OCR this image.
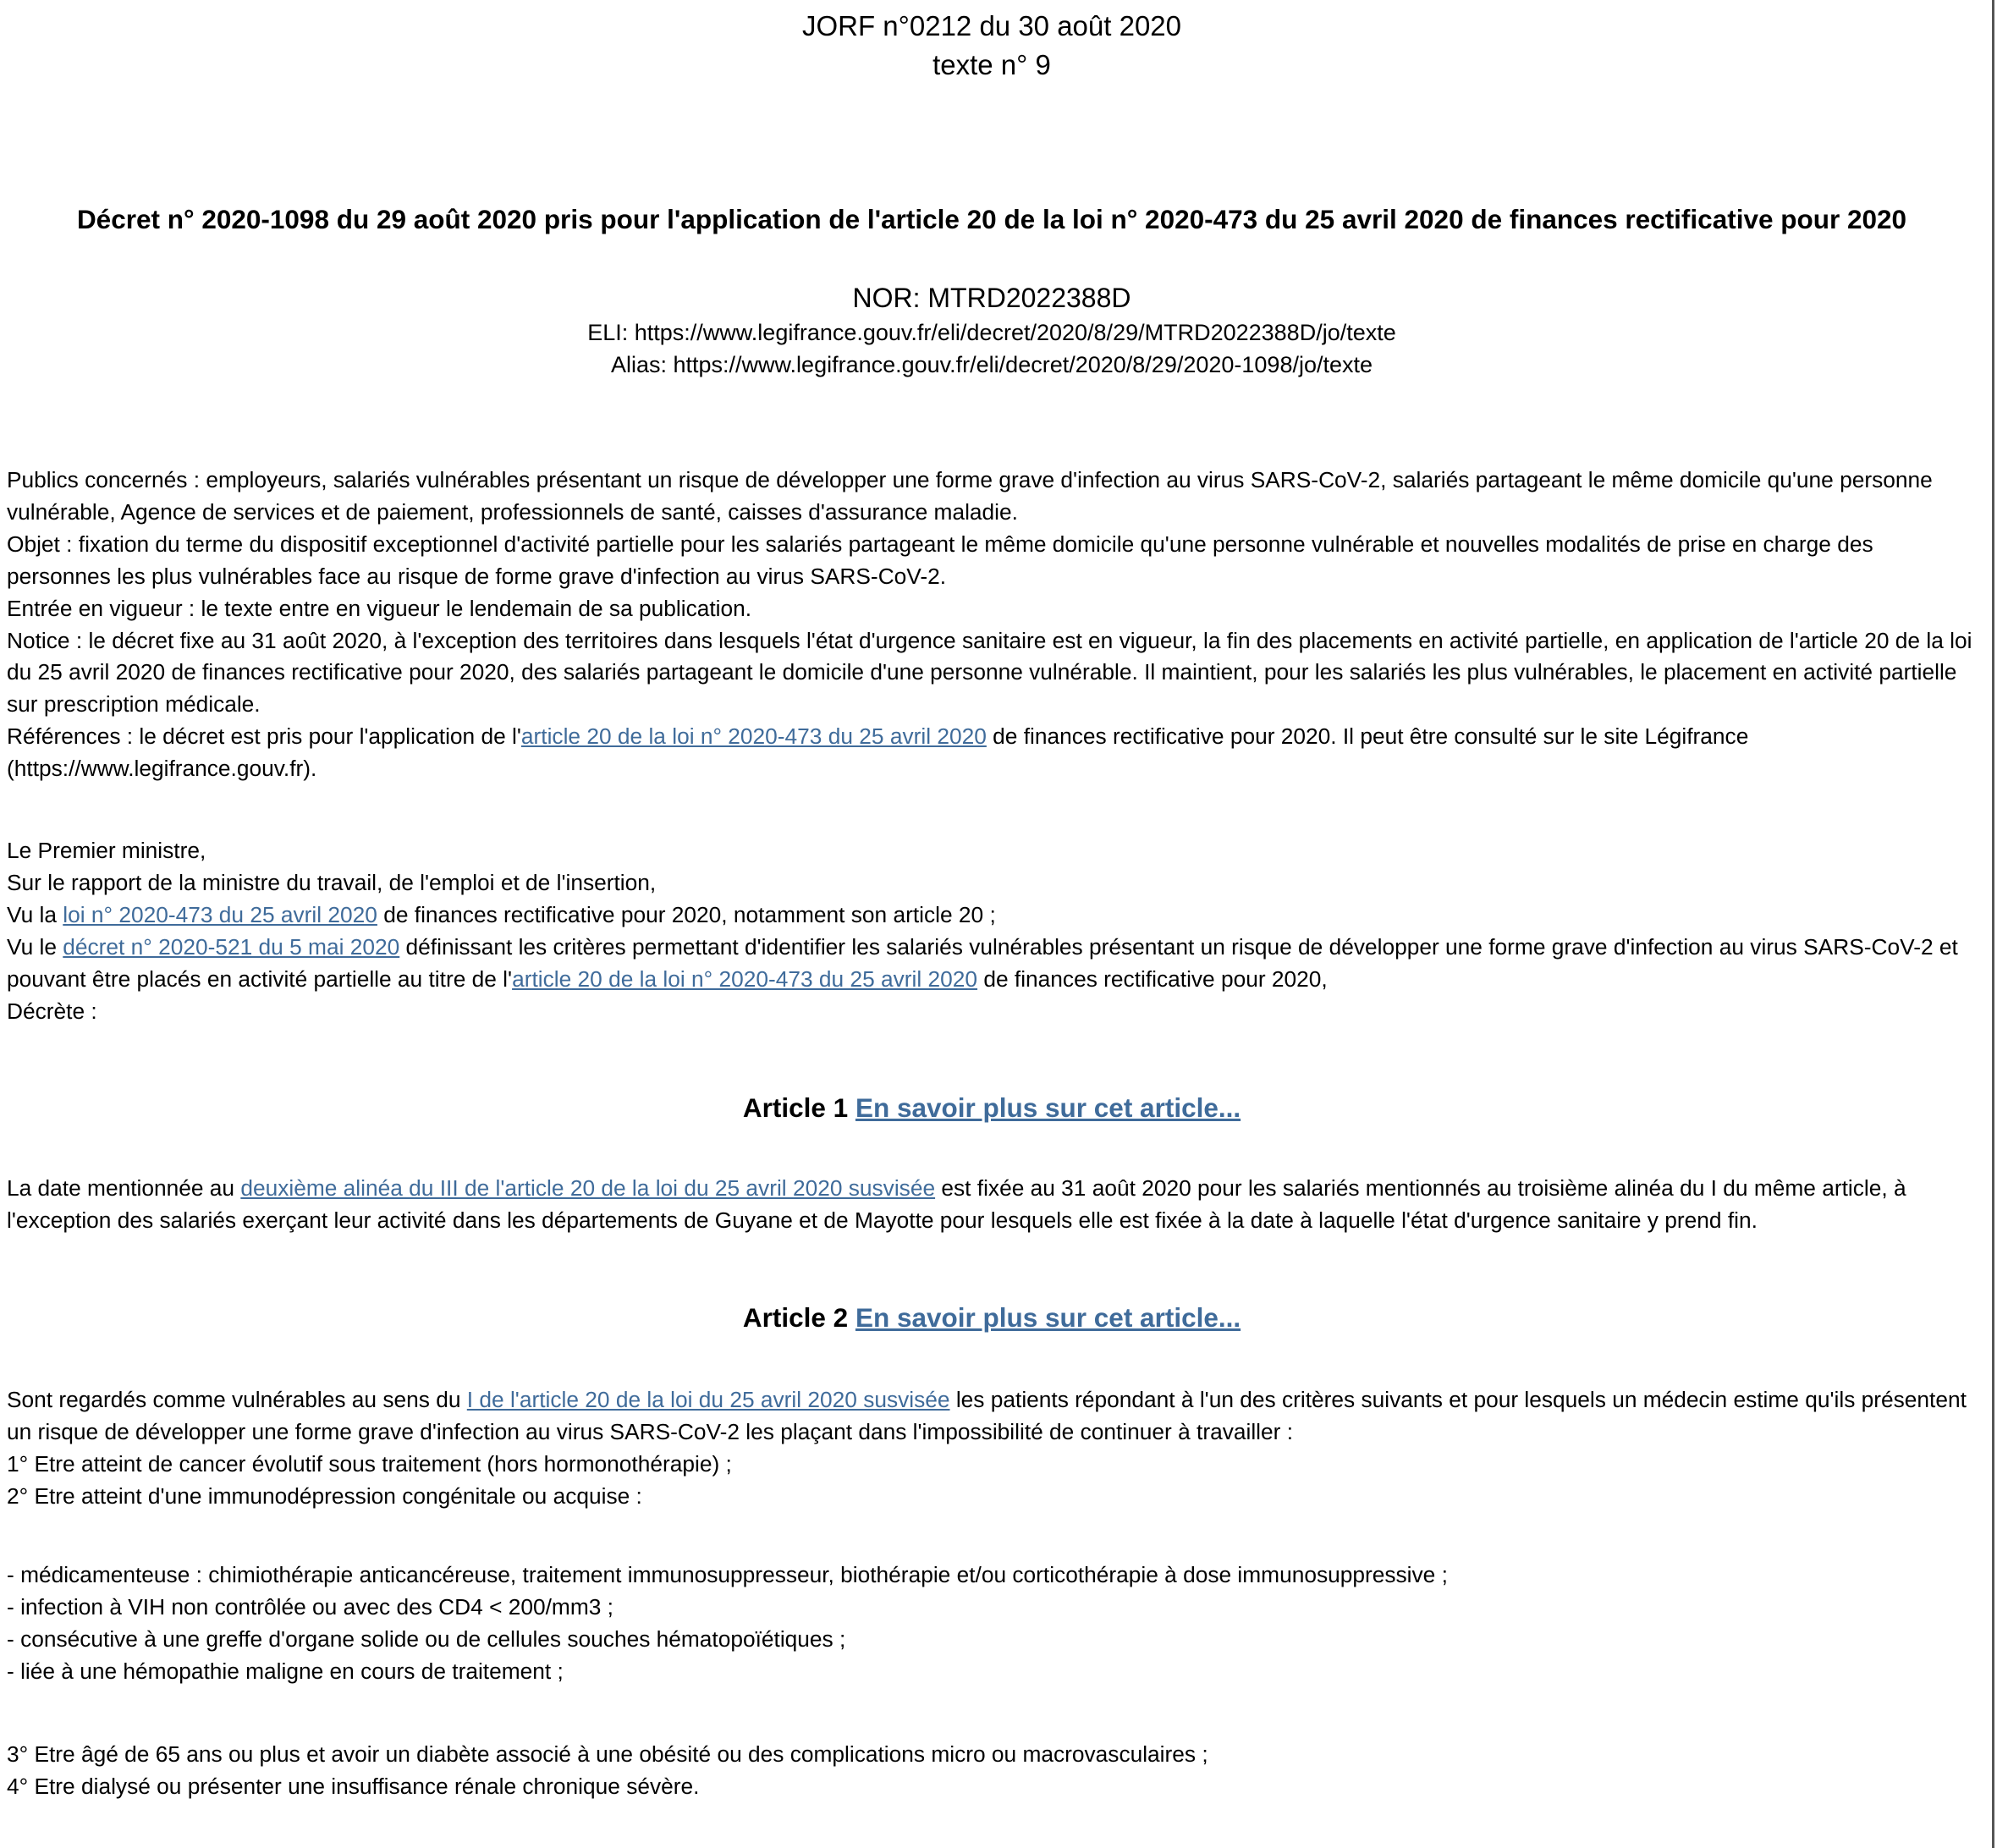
JORF n°0212 du 30 août 2020
texte n° 9
Décret n° 2020-1098 du 29 août 2020 pris pour l'application de l'article 20 de la loi n° 2020-473 du 25 avril 2020 de finances rectificative pour 2020
NOR: MTRD2022388D
ELI: https://www.legifrance.gouv.fr/eli/decret/2020/8/29/MTRD2022388D/jo/texte
Alias: https://www.legifrance.gouv.fr/eli/decret/2020/8/29/2020-1098/jo/texte

Publics concernés : employeurs, salariés vulnérables présentant un risque de développer une forme grave d'infection au virus SARS-CoV-2, salariés partageant le même domicile qu'une personne vulnérable, Agence de services et de paiement, professionnels de santé, caisses d'assurance maladie.

Objet : fixation du terme du dispositif exceptionnel d'activité partielle pour les salariés partageant le même domicile qu'une personne vulnérable et nouvelles modalités de prise en charge des personnes les plus vulnérables face au risque de forme grave d'infection au virus SARS-CoV-2.

Entrée en vigueur : le texte entre en vigueur le lendemain de sa publication.

Notice : le décret fixe au 31 août 2020, à l'exception des territoires dans lesquels l'état d'urgence sanitaire est en vigueur, la fin des placements en activité partielle, en application de l'article 20 de la loi du 25 avril 2020 de finances rectificative pour 2020, des salariés partageant le domicile d'une personne vulnérable. Il maintient, pour les salariés les plus vulnérables, le placement en activité partielle sur prescription médicale.

Références : le décret est pris pour l'application de l'article 20 de la loi n° 2020-473 du 25 avril 2020 de finances rectificative pour 2020. Il peut être consulté sur le site Légifrance (https://www.legifrance.gouv.fr).

Le Premier ministre,

Sur le rapport de la ministre du travail, de l'emploi et de l'insertion,

Vu la loi n° 2020-473 du 25 avril 2020 de finances rectificative pour 2020, notamment son article 20 ;

Vu le décret n° 2020-521 du 5 mai 2020 définissant les critères permettant d'identifier les salariés vulnérables présentant un risque de développer une forme grave d'infection au virus SARS-CoV-2 et pouvant être placés en activité partielle au titre de l'article 20 de la loi n° 2020-473 du 25 avril 2020 de finances rectificative pour 2020,

Décrète :

Article 1 En savoir plus sur cet article...

La date mentionnée au deuxième alinéa du III de l'article 20 de la loi du 25 avril 2020 susvisée est fixée au 31 août 2020 pour les salariés mentionnés au troisième alinéa du I du même article, à l'exception des salariés exerçant leur activité dans les départements de Guyane et de Mayotte pour lesquels elle est fixée à la date à laquelle l'état d'urgence sanitaire y prend fin.

Article 2 En savoir plus sur cet article...

Sont regardés comme vulnérables au sens du I de l'article 20 de la loi du 25 avril 2020 susvisée les patients répondant à l'un des critères suivants et pour lesquels un médecin estime qu'ils présentent un risque de développer une forme grave d'infection au virus SARS-CoV-2 les plaçant dans l'impossibilité de continuer à travailler :

1° Etre atteint de cancer évolutif sous traitement (hors hormonothérapie) ;

2° Etre atteint d'une immunodépression congénitale ou acquise :

- médicamenteuse : chimiothérapie anticancéreuse, traitement immunosuppresseur, biothérapie et/ou corticothérapie à dose immunosuppressive ;

- infection à VIH non contrôlée ou avec des CD4 < 200/mm3 ;

- consécutive à une greffe d'organe solide ou de cellules souches hématopoïétiques ;

- liée à une hémopathie maligne en cours de traitement ;

3° Etre âgé de 65 ans ou plus et avoir un diabète associé à une obésité ou des complications micro ou macrovasculaires ;

4° Etre dialysé ou présenter une insuffisance rénale chronique sévère.
